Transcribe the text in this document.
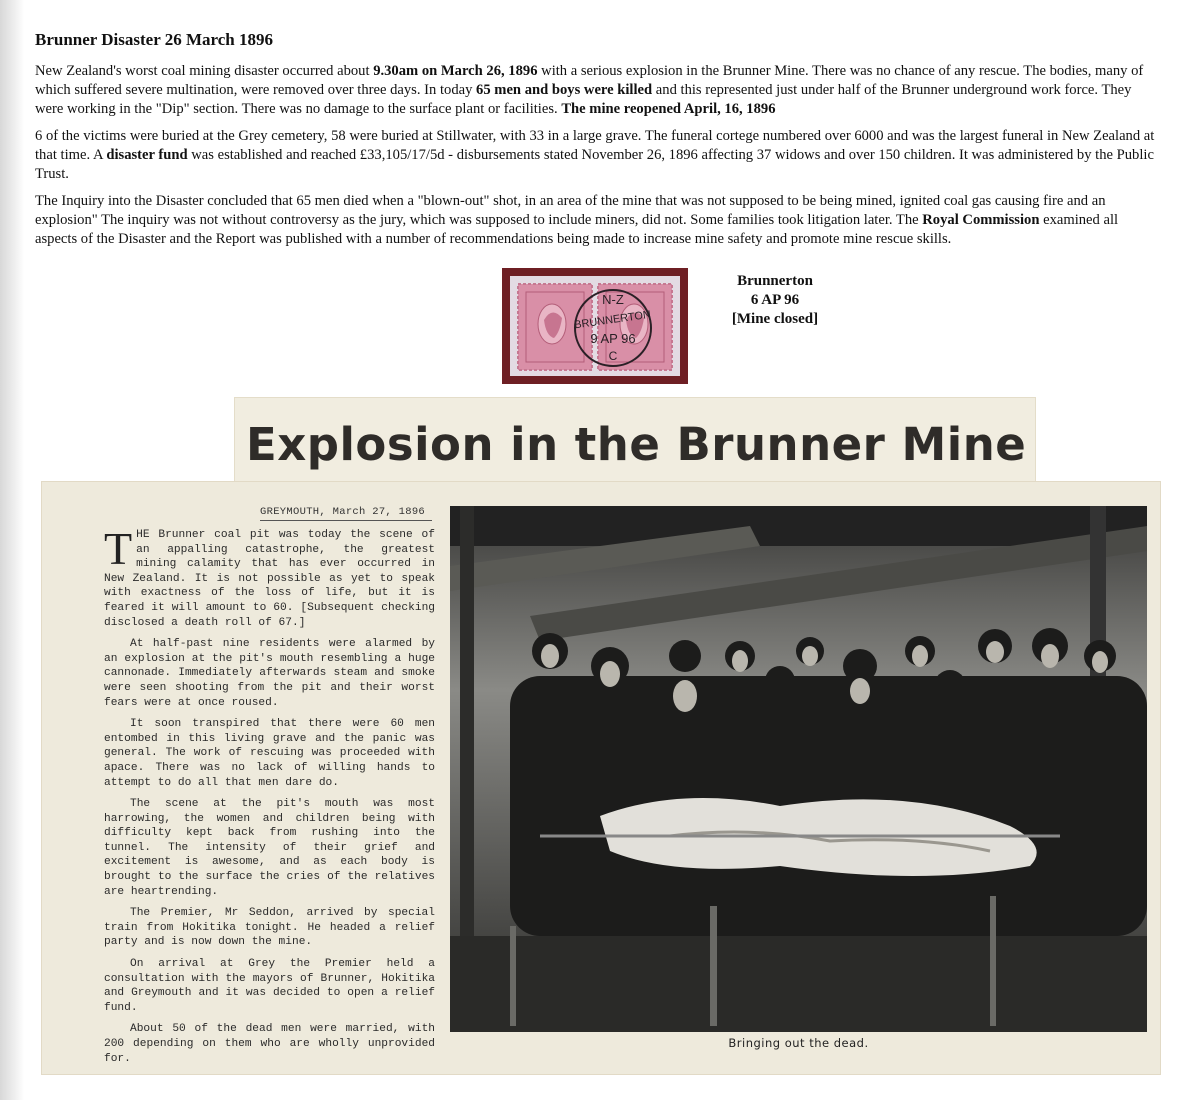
Brunner Disaster 26 March 1896

New Zealand's worst coal mining disaster occurred about 9.30am on March 26, 1896 with a serious explosion in the Brunner Mine. There was no chance of any rescue. The bodies, many of which suffered severe multination, were removed over three days. In today 65 men and boys were killed and this represented just under half of the Brunner underground work force. They were working in the "Dip" section. There was no damage to the surface plant or facilities. The mine reopened April, 16, 1896

6 of the victims were buried at the Grey cemetery, 58 were buried at Stillwater, with 33 in a large grave. The funeral cortege numbered over 6000 and was the largest funeral in New Zealand at that time. A disaster fund was established and reached £33,105/17/5d - disbursements stated November 26, 1896 affecting 37 widows and over 150 children. It was administered by the Public Trust.

The Inquiry into the Disaster concluded that 65 men died when a "blown-out" shot, in an area of the mine that was not supposed to be being mined, ignited coal gas causing fire and an explosion" The inquiry was not without controversy as the jury, which was supposed to include miners, did not. Some families took litigation later. The Royal Commission examined all aspects of the Disaster and the Report was published with a number of recommendations being made to increase mine safety and promote mine rescue skills.

N-Z
BRUNNERTON
9 AP 96
C
Brunnerton
6 AP 96
[Mine closed]
Explosion in the Brunner Mine
GREYMOUTH, March 27, 1896

THE Brunner coal pit was today the scene of an appalling catastrophe, the greatest mining calamity that has ever occurred in New Zealand. It is not possible as yet to speak with exactness of the loss of life, but it is feared it will amount to 60. [Subsequent checking disclosed a death roll of 67.]

At half-past nine residents were alarmed by an explosion at the pit's mouth resembling a huge cannonade. Immediately afterwards steam and smoke were seen shooting from the pit and their worst fears were at once roused.

It soon transpired that there were 60 men entombed in this living grave and the panic was general. The work of rescuing was proceeded with apace. There was no lack of willing hands to attempt to do all that men dare do.

The scene at the pit's mouth was most harrowing, the women and children being with difficulty kept back from rushing into the tunnel. The intensity of their grief and excitement is awesome, and as each body is brought to the surface the cries of the relatives are heartrending.

The Premier, Mr Seddon, arrived by special train from Hokitika tonight. He headed a relief party and is now down the mine.

On arrival at Grey the Premier held a consultation with the mayors of Brunner, Hokitika and Greymouth and it was decided to open a relief fund.

About 50 of the dead men were married, with 200 depending on them who are wholly unprovided for.

Bringing out the dead.
